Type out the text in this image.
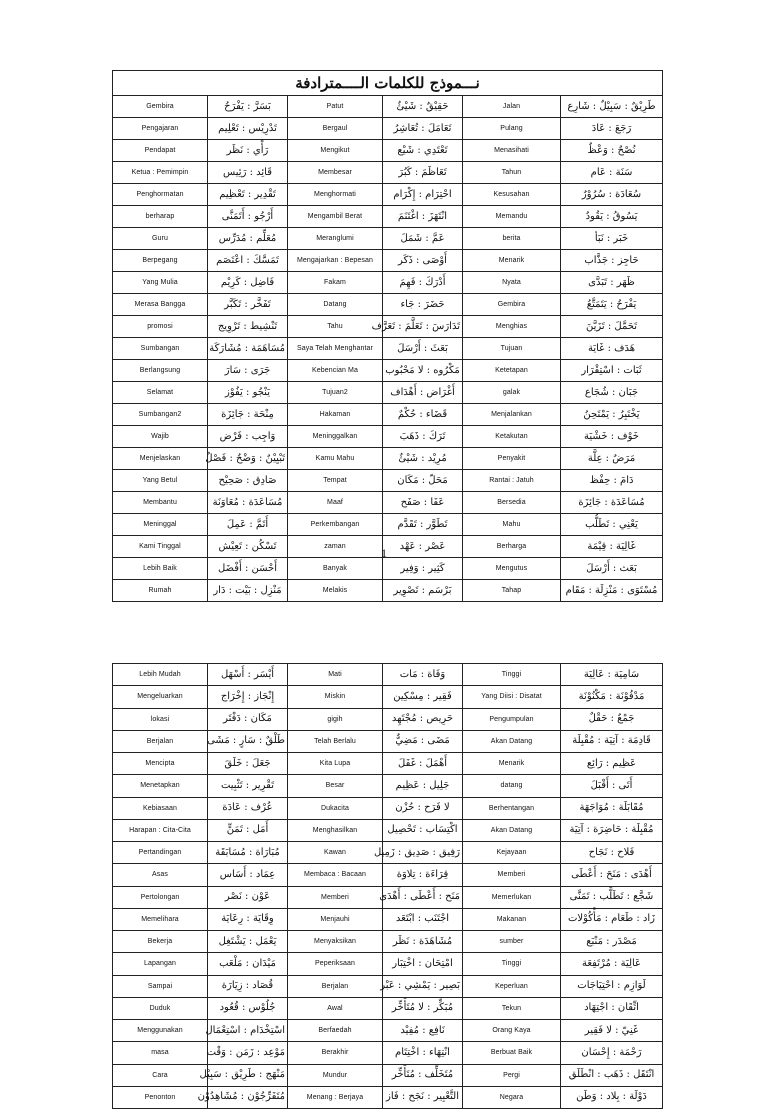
نـــموذج للكلمات الــــمترادفة					
Gembira	بَسَرَّ : يَفْرَحُ	Patut	حَقِيْقٌ : شَيْئٌ	Jalan	طَرِيْقٌ : سَبِيْلٌ : شَارِع
Pengajaran	تَدْرِيْس : تَعْلِيم	Bergaul	تَعَامَلَ : تُعَاشِرُ	Pulang	رَجَعَ : عَادَ
Pendapat	رَأْي : نَظَر	Mengikut	تَعْتَدِي : شَيْع	Menasihati	نُصْحٌ : وَعْظٌ
Ketua : Pemimpin	قَائِد : رَئِيس	Membesar	تَعَاظَمَ : كَبُرَ	Tahun	سَنَة : عَام
Penghormatan	تَقْدِير : تَعْظِيم	Menghormati	احْتِرَام : إِكْرَام	Kesusahan	سُعَادَة : سُرُوْرٌ
berharap	أَرْجُو : أَتَمَنَّى	Mengambil Berat	انْتَهَزَ : اغْتَنَمَ	Memandu	يَسُوقُ : يَقُودُ
Guru	مُعَلِّم : مُدَرِّس	Meranglumi	عَمَّ : شَمَلَ	berita	خَبَر : نَبَأ
Berpegang	تَمَسَّكَ : اعْتَصَم	Mengajarkan : Bepesan	أَوْصَى : ذَكَر	Menarik	حَاجِز : جَذَّاب
Yang Mulia	فَاضِل : كَرِيْم	Fakam	أَدْرَكَ : فَهِمَ	Nyata	ظَهَر : تَبَدَّى
Merasa Bangga	تَفَخَّر : تَكَبَّر	Datang	حَضَرَ : جَاء	Gembira	يَفْرَحُ : يَتَمَتَّعُ
promosi	تَنْشِيط : تَرْوِيج	Tahu	تَدَارَسَ : تَعَلَّمَ : تَعَرَّف	Menghias	تَحَمَّلَ : تَزَيَّنَ
Sumbangan	مُسَاهَمَة : مُشَارَكَة	Saya Telah Menghantar	بَعَثَ : أَرْسَلَ	Tujuan	هَدَف : غَايَة
Berlangsung	جَرَى : سَارَ	Kebencian Ma	مَكْرُوه : لا مَحْبُوب	Ketetapan	ثَبَات : اسْتِقْرَار
Selamat	يَنْجُو : يَفُوْز	Tujuan2	أَغْرَاض : أَهْدَاف	galak	جَبَان : شُجَاع
Sumbangan2	مِنْحَة : جَائِزَة	Hakaman	قَضَاء : حُكْمٌ	Menjalankan	يَخْتَبِرُ : يَمْتَحِنُ
Wajib	وَاجِب : فَرْض	Meninggalkan	تَرَكَ : ذَهَبَ	Ketakutan	خَوْف : خَشْيَة
Menjelaskan	تَبْيِيْنٌ : وَضْحٌ : فَصْلٌ	Kamu Mahu	مُرِيْد : شَيْئٌ	Penyakit	مَرَضٌ : عِلَّة
Yang Betul	صَادِق : صَحِيْح	Tempat	مَحَلّ : مَكَان	Rantai : Jatuh	دَامَ : حِفْظ
Membantu	مُسَاعَدَة : مُعَاوَنَة	Maaf	عَفَا : صَفَح	Bersedia	مُسَاعَدَة : جَائِزَة
Meninggal	أَتَمَّ : عَمِلَ	Perkembangan	تَطَوَّر : تَقَدَّم	Mahu	يَعْنِي : تَطَلُّب
Kami Tinggal	تَسْكُن : تَعِيْش	zaman	عَصْر : عَهْد	Berharga	غَالِيَة : قِيْمَة
Lebih Baik	أَحْسَن : أَفْضَل	Banyak	كَثِير : وَفِير	Mengutus	بَعَث : أَرْسَلَ
Rumah	مَنْزِل : بَيْت : دَار	Melakis	بَرْسَم : تَصْوِير	Tahap	مُسْتَوَى : مَنْزِلَة : مَقَام
1
Lebih Mudah	أَيْسَر : أَسْهَل	Mati	وَفَاة : مَات	Tinggi	سَامِيَة : عَالِيَة
Mengeluarkan	إِنْجَاز : إِخْرَاج	Miskin	فَقِير : مِسْكِين	Yang Diisi : Disatat	مَدْفُوْنَة : مَكْنُوْنَة
lokasi	مَكَان : دَفْتَر	gigih	حَرِيص : مُجْتَهِد	Pengumpulan	جَمْعٌ : حَقْلٌ
Berjalan	طَلْقٌ : سَارٍ : مَشَى	Telah Berlalu	مَضَى : مَضِيٌّ	Akan Datang	قَادِمَة : آتِيَة : مُقْبِلَة
Mencipta	جَعَلَ : خَلَقَ	Kita Lupa	أَهْمَلَ : غَفَلَ	Menarik	عَظِيم : رَائِع
Menetapkan	تَقْرِير : تَثْبِيت	Besar	جَلِيل : عَظِيم	datang	أَتَى : أَقْبَلَ
Kebiasaan	عُرْف : عَادَة	Dukacita	لا فَرَح : حُزْن	Berhentangan	مُقَابَلَة : مُوَاجَهَة
Harapan : Cita-Cita	أَمَل : تَمَنٍّ	Menghasilkan	اكْتِسَاب : تَحْصِيل	Akan Datang	مُقْبِلَة : حَاضِرَة : آتِيَة
Pertandingan	مُبَارَاة : مُسَابَقَة	Kawan	رَفِيق : صَدِيق : زَمِيل	Kejayaan	فَلاح : نَجَاح
Asas	عِمَاد : أَسَاس	Membaca : Bacaan	قِرَاءَة : تِلاوَة	Memberi	أَهْدَى : مَنَحَ : أَعْطَى
Pertolongan	عَوْن : نَصْر	Memberi	مَنَح : أَعْطَى : أَهْدَى	Memerlukan	شَجَّع : تَطَلَّب : تَمَنَّى
Memelihara	وِقَايَة : رِعَايَة	Menjauhi	اجْتَنَب : ابْتَعَد	Makanan	زَاد : طَعَام : مَأْكُوْلات
Bekerja	يَعْمَل : يَشْتَغِل	Menyaksikan	مُشَاهَدَة : نَظَر	sumber	مَصْدَر : مَنْبَع
Lapangan	مَيْدَان : مَلْعَب	Peperiksaan	امْتِحَان : اخْتِبَار	Tinggi	عَالِيَة : مُرْتَفِعَة
Sampai	قُصَاد : زِيَارَة	Berjalan	بَصِير : يَمْشِي : عَبْر	Keperluan	لَوَازِم : احْتِيَاجَات
Duduk	جُلُوْس : قُعُود	Awal	مُبَكِّر : لا مُتَأَخِّر	Tekun	اتِّقَان : اجْتِهَاد
Menggunakan	اسْتِخْدَام : اسْتِعْمَال	Berfaedah	نَافِع : مُفِيْد	Orang Kaya	غَنِيّ : لا فَقِير
masa	مَوْعِد : زَمَن : وَقْت	Berakhir	انْتِهَاء : اخْتِتَام	Berbuat Baik	رَحْمَة : إِحْسَان
Cara	مَنْهَج : طَرِيْق : سَبِيْل	Mundur	مُتَخَلِّف : مُتَأَخِّر	Pergi	انْتَقَل : ذَهَب : انْطَلَق
Penonton	مُتَفَرِّجُوْن : مُشَاهِدُوْن	Menang : Berjaya	التَّعْبِير : نَجَح : فَاز	Negara	دَوْلَة : بِلاد : وَطَن
